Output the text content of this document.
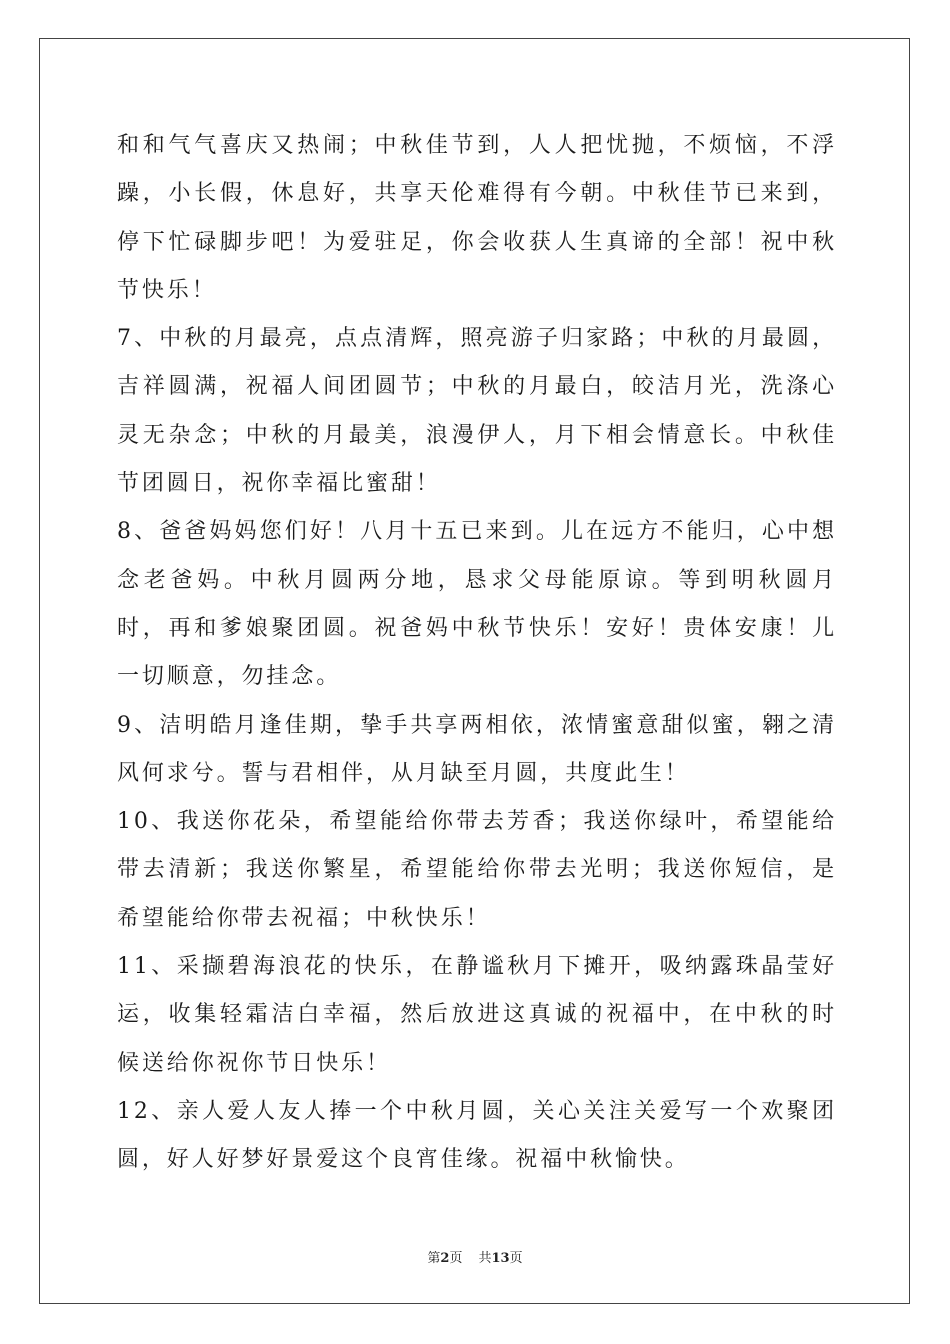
和和气气喜庆又热闹；中秋佳节到，人人把忧抛，不烦恼，不浮躁，小长假，休息好，共享天伦难得有今朝。中秋佳节已来到，停下忙碌脚步吧！为爱驻足，你会收获人生真谛的全部！祝中秋节快乐！

7、中秋的月最亮，点点清辉，照亮游子归家路；中秋的月最圆，吉祥圆满，祝福人间团圆节；中秋的月最白，皎洁月光，洗涤心灵无杂念；中秋的月最美，浪漫伊人，月下相会情意长。中秋佳节团圆日，祝你幸福比蜜甜！

8、爸爸妈妈您们好！八月十五已来到。儿在远方不能归，心中想念老爸妈。中秋月圆两分地，恳求父母能原谅。等到明秋圆月时，再和爹娘聚团圆。祝爸妈中秋节快乐！安好！贵体安康！儿一切顺意，勿挂念。

9、洁明皓月逢佳期，挚手共享两相依，浓情蜜意甜似蜜，翱之清风何求兮。誓与君相伴，从月缺至月圆，共度此生！

10、我送你花朵，希望能给你带去芳香；我送你绿叶，希望能给带去清新；我送你繁星，希望能给你带去光明；我送你短信，是希望能给你带去祝福；中秋快乐！

11、采撷碧海浪花的快乐，在静谧秋月下摊开，吸纳露珠晶莹好运，收集轻霜洁白幸福，然后放进这真诚的祝福中，在中秋的时候送给你祝你节日快乐！

12、亲人爱人友人捧一个中秋月圆，关心关注关爱写一个欢聚团圆，好人好梦好景爱这个良宵佳缘。祝福中秋愉快。

第2页 共13页
